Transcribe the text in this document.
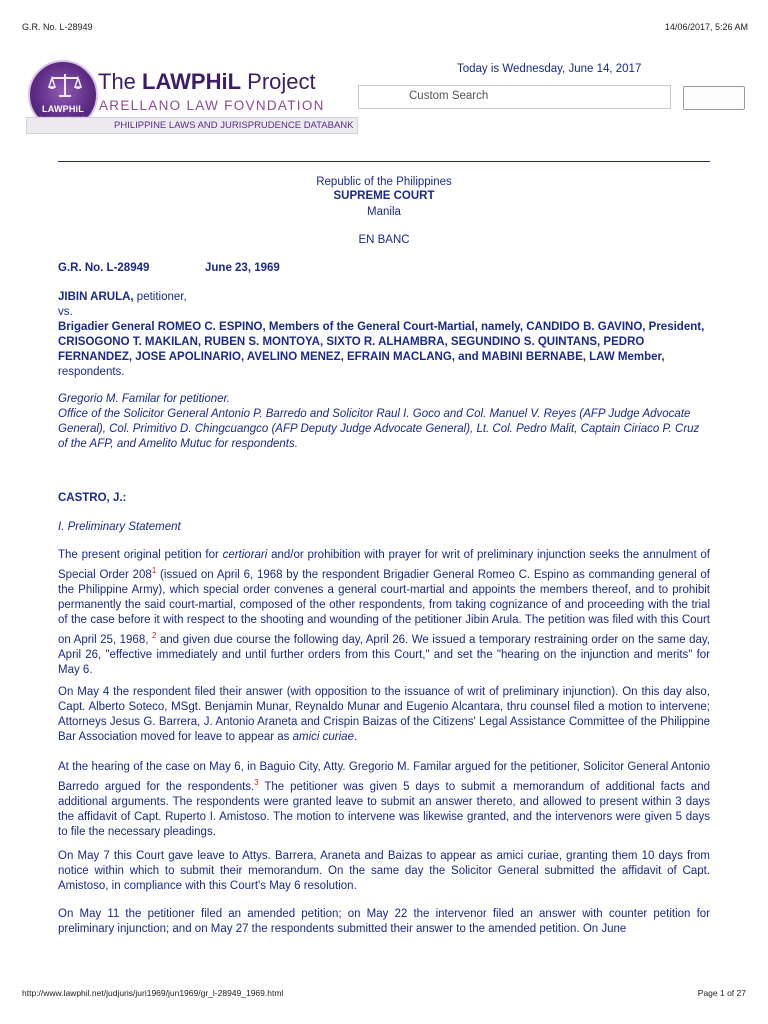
G.R. No. L-28949	14/06/2017, 5:26 AM
LAWPHiL
The LAWPHiL Project
ARELLANO LAW FOVNDATION
PHILIPPINE LAWS AND JURISPRUDENCE DATABANK
Today is Wednesday, June 14, 2017
Custom Search
Republic of the Philippines
SUPREME COURT
Manila
EN BANC
G.R. No. L-28949	June 23, 1969
JIBIN ARULA, petitioner,
vs.
Brigadier General ROMEO C. ESPINO, Members of the General Court-Martial, namely, CANDIDO B. GAVINO, President, CRISOGONO T. MAKILAN, RUBEN S. MONTOYA, SIXTO R. ALHAMBRA, SEGUNDINO S. QUINTANS, PEDRO FERNANDEZ, JOSE APOLINARIO, AVELINO MENEZ, EFRAIN MACLANG, and MABINI BERNABE, LAW Member, respondents.
Gregorio M. Familar for petitioner.
Office of the Solicitor General Antonio P. Barredo and Solicitor Raul I. Goco and Col. Manuel V. Reyes (AFP Judge Advocate General), Col. Primitivo D. Chingcuangco (AFP Deputy Judge Advocate General), Lt. Col. Pedro Malit, Captain Ciriaco P. Cruz of the AFP, and Amelito Mutuc for respondents.
CASTRO, J.:
I. Preliminary Statement
The present original petition for certiorari and/or prohibition with prayer for writ of preliminary injunction seeks the annulment of Special Order $208^1$ (issued on April 6, 1968 by the respondent Brigadier General Romeo C. Espino as commanding general of the Philippine Army), which special order convenes a general court-martial and appoints the members thereof, and to prohibit permanently the said court-martial, composed of the other respondents, from taking cognizance of and proceeding with the trial of the case before it with respect to the shooting and wounding of the petitioner Jibin Arula. The petition was filed with this Court on April 25, 1968, $^2$ and given due course the following day, April 26. We issued a temporary restraining order on the same day, April 26, "effective immediately and until further orders from this Court," and set the "hearing on the injunction and merits" for May 6.
On May 4 the respondent filed their answer (with opposition to the issuance of writ of preliminary injunction). On this day also, Capt. Alberto Soteco, MSgt. Benjamin Munar, Reynaldo Munar and Eugenio Alcantara, thru counsel filed a motion to intervene; Attorneys Jesus G. Barrera, J. Antonio Araneta and Crispin Baizas of the Citizens' Legal Assistance Committee of the Philippine Bar Association moved for leave to appear as amici curiae.
At the hearing of the case on May 6, in Baguio City, Atty. Gregorio M. Familar argued for the petitioner, Solicitor General Antonio Barredo argued for the respondents.$^3$ The petitioner was given 5 days to submit a memorandum of additional facts and additional arguments. The respondents were granted leave to submit an answer thereto, and allowed to present within 3 days the affidavit of Capt. Ruperto I. Amistoso. The motion to intervene was likewise granted, and the intervenors were given 5 days to file the necessary pleadings.
On May 7 this Court gave leave to Attys. Barrera, Araneta and Baizas to appear as amici curiae, granting them 10 days from notice within which to submit their memorandum. On the same day the Solicitor General submitted the affidavit of Capt. Amistoso, in compliance with this Court's May 6 resolution.
On May 11 the petitioner filed an amended petition; on May 22 the intervenor filed an answer with counter petition for preliminary injunction; and on May 27 the respondents submitted their answer to the amended petition. On June
http://www.lawphil.net/judjuris/juri1969/jun1969/gr_l-28949_1969.html	Page 1 of 27
